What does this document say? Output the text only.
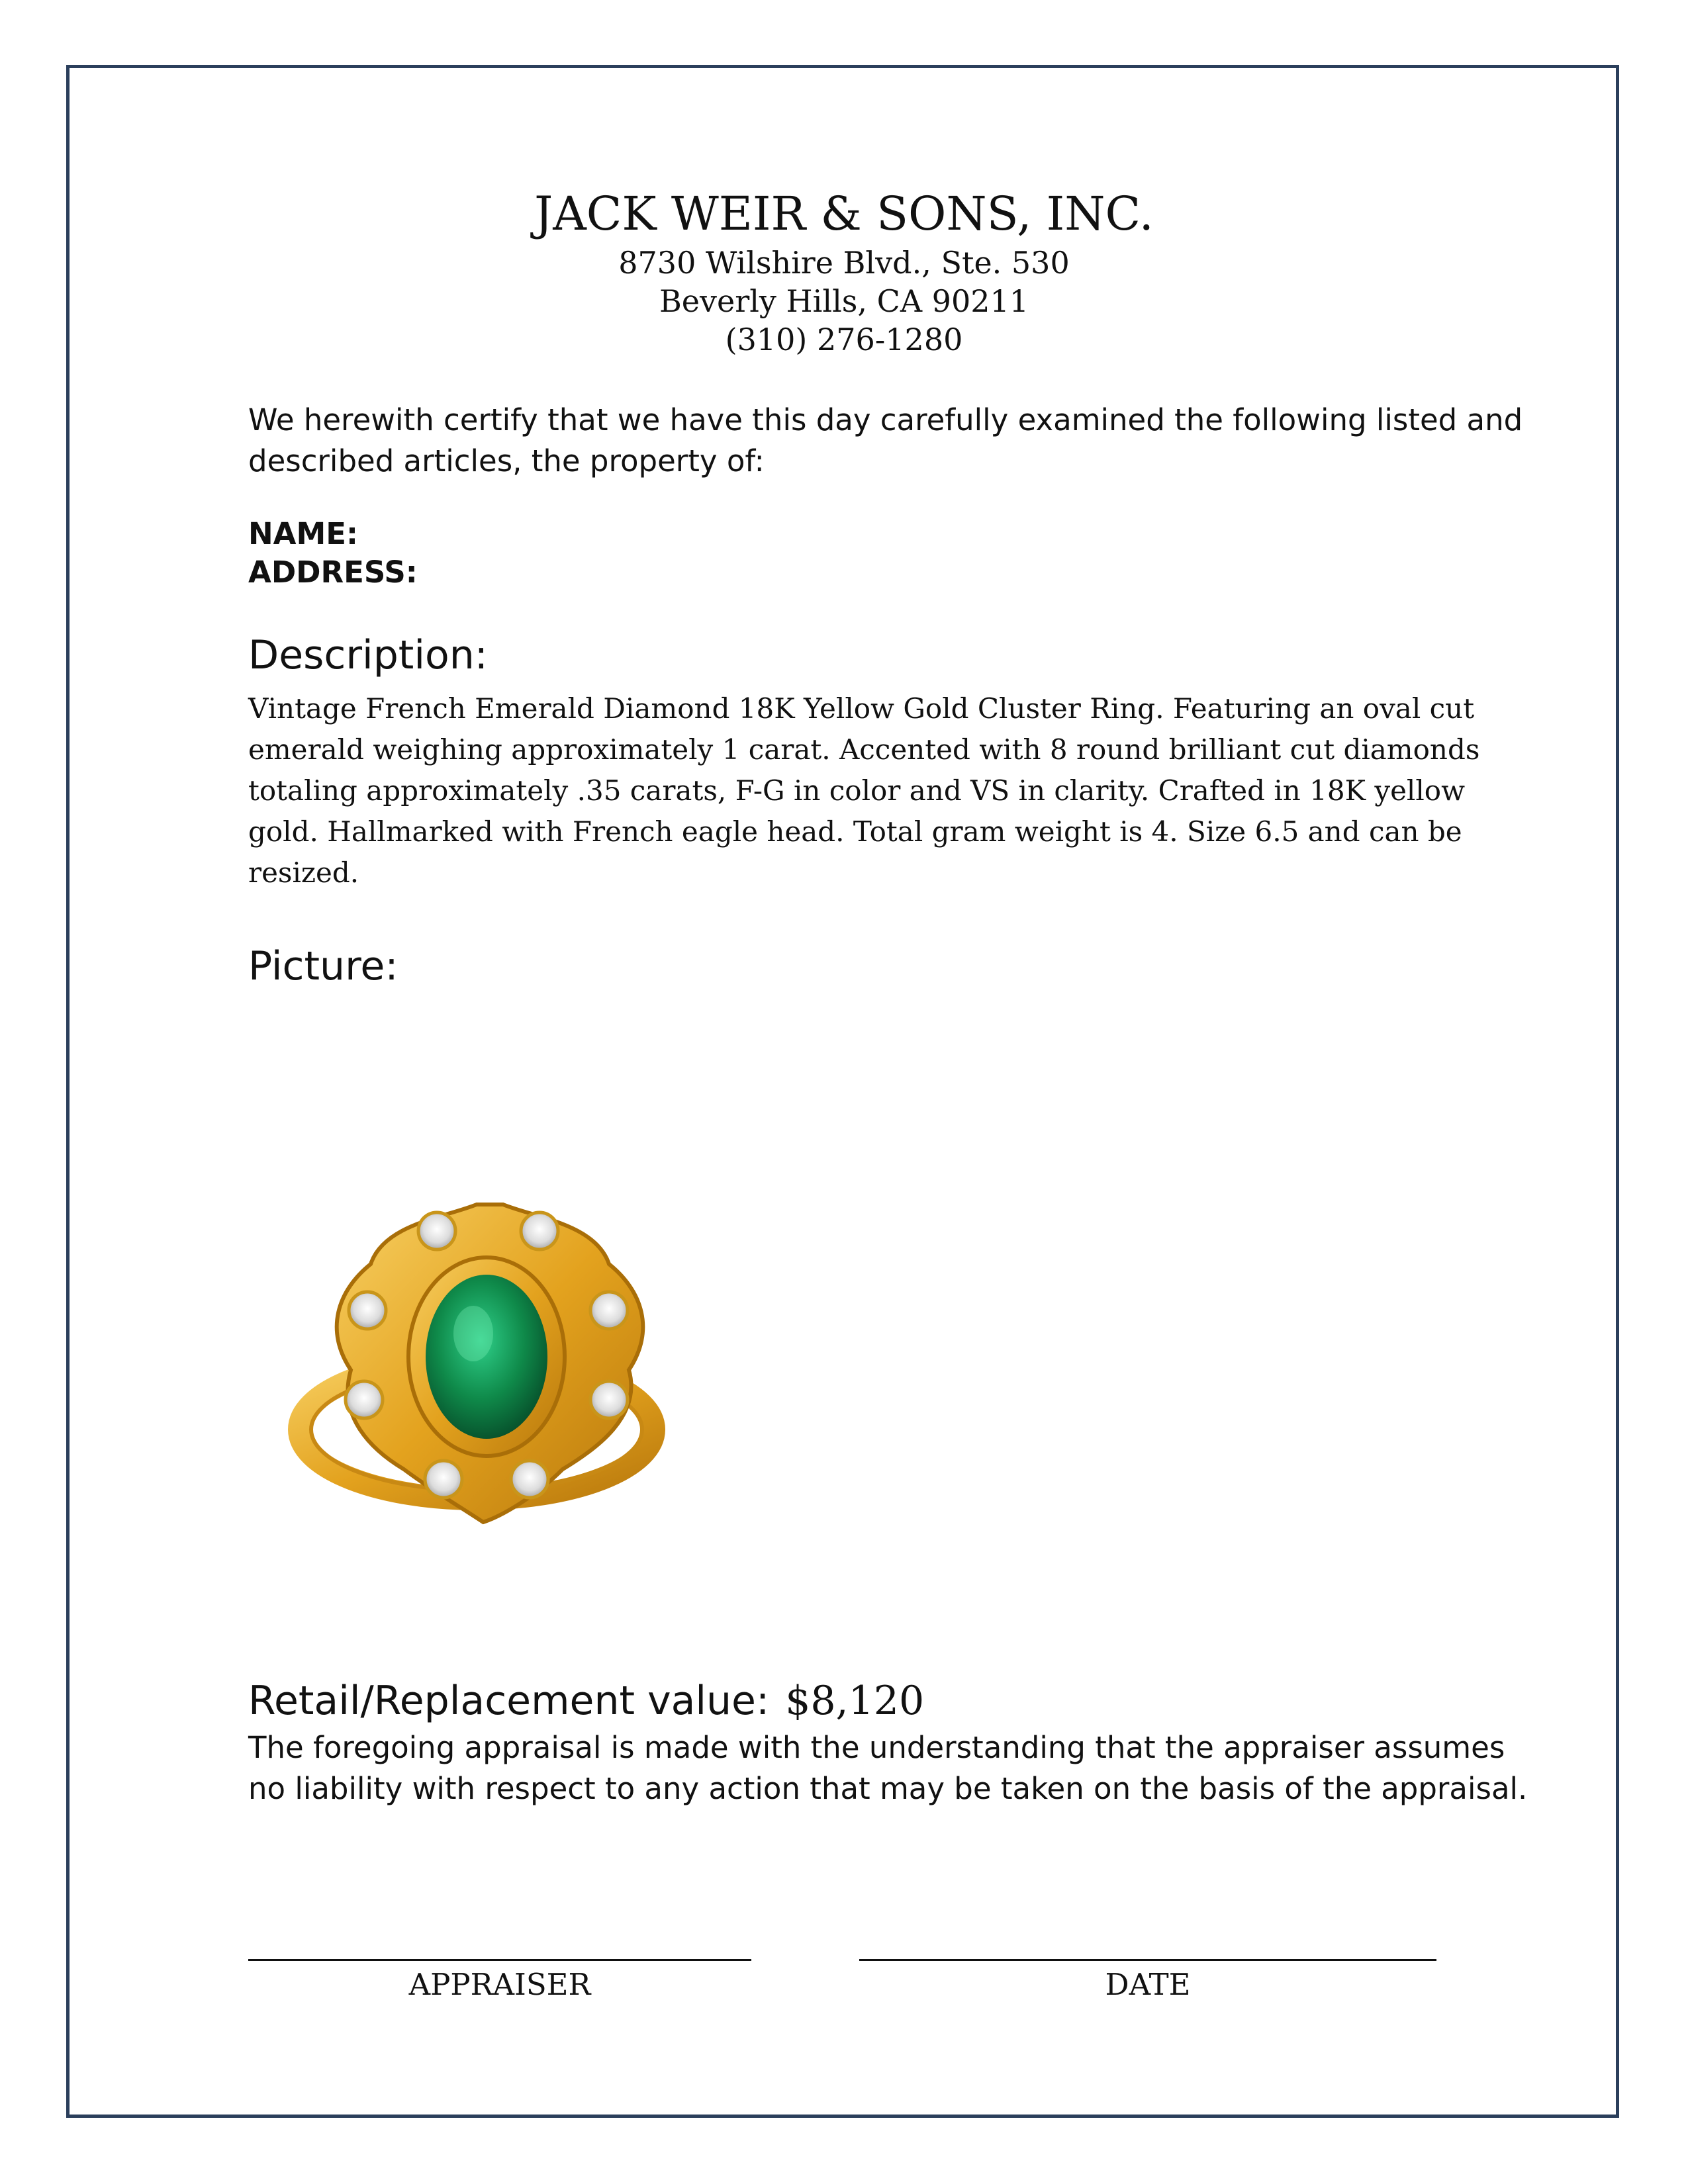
JACK WEIR & SONS, INC.
8730 Wilshire Blvd., Ste. 530
Beverly Hills, CA 90211
(310) 276-1280
We herewith certify that we have this day carefully examined the following listed and
described articles, the property of:
NAME:
ADDRESS:
Description:
Vintage French Emerald Diamond 18K Yellow Gold Cluster Ring. Featuring an oval cut
emerald weighing approximately 1 carat. Accented with 8 round brilliant cut diamonds
totaling approximately .35 carats, F-G in color and VS in clarity. Crafted in 18K yellow
gold. Hallmarked with French eagle head. Total gram weight is 4. Size 6.5 and can be
resized.
Picture:
Retail/Replacement value: $8,120
The foregoing appraisal is made with the understanding that the appraiser assumes
no liability with respect to any action that may be taken on the basis of the appraisal.
APPRAISER	DATE
